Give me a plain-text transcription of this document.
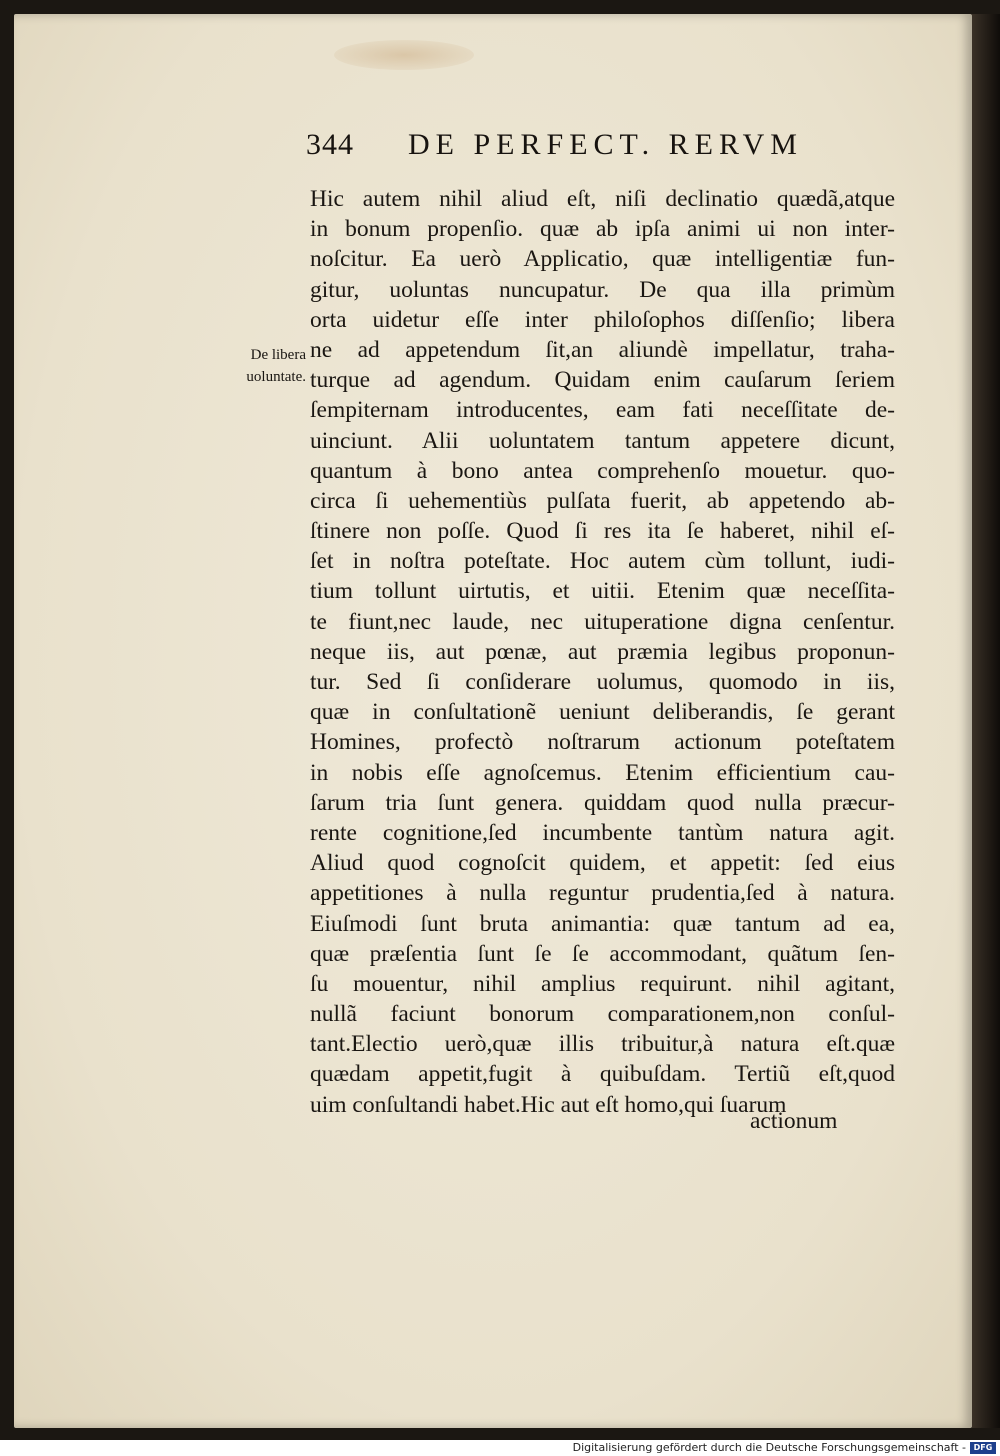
344 DE PERFECT. RERVM
De libera
uoluntate.
Hic autem nihil aliud eſt, niſi declinatio quædã,atque
in bonum propenſio. quæ ab ipſa animi ui non inter-
noſcitur. Ea uerò Applicatio, quæ intelligentiæ fun-
gitur, uoluntas nuncupatur. De qua illa primùm
orta uidetur eſſe inter philoſophos diſſenſio; libera
ne ad appetendum ſit,an aliundè impellatur, traha-
turque ad agendum. Quidam enim cauſarum ſeriem
ſempiternam introducentes, eam fati neceſſitate de-
uinciunt. Alii uoluntatem tantum appetere dicunt,
quantum à bono antea comprehenſo mouetur. quo-
circa ſi uehementiùs pulſata fuerit, ab appetendo ab-
ſtinere non poſſe. Quod ſi res ita ſe haberet, nihil eſ-
ſet in noſtra poteſtate. Hoc autem cùm tollunt, iudi-
tium tollunt uirtutis, et uitii. Etenim quæ neceſſita-
te fiunt,nec laude, nec uituperatione digna cenſentur.
neque iis, aut pœnæ, aut præmia legibus proponun-
tur. Sed ſi conſiderare uolumus, quomodo in iis,
quæ in conſultationẽ ueniunt deliberandis, ſe gerant
Homines, profectò noſtrarum actionum poteſtatem
in nobis eſſe agnoſcemus. Etenim efficientium cau-
ſarum tria ſunt genera. quiddam quod nulla præcur-
rente cognitione,ſed incumbente tantùm natura agit.
Aliud quod cognoſcit quidem, et appetit: ſed eius
appetitiones à nulla reguntur prudentia,ſed à natura.
Eiuſmodi ſunt bruta animantia: quæ tantum ad ea,
quæ præſentia ſunt ſe ſe accommodant, quãtum ſen-
ſu mouentur, nihil amplius requirunt. nihil agitant,
nullã faciunt bonorum comparationem,non conſul-
tant.Electio uerò,quæ illis tribuitur,à natura eſt.quæ
quædam appetit,fugit à quibuſdam. Tertiũ eſt,quod
uim conſultandi habet.Hic aut eſt homo,qui ſuarum
actionum
Digitalisierung gefördert durch die Deutsche Forschungsgemeinschaft - DFG
